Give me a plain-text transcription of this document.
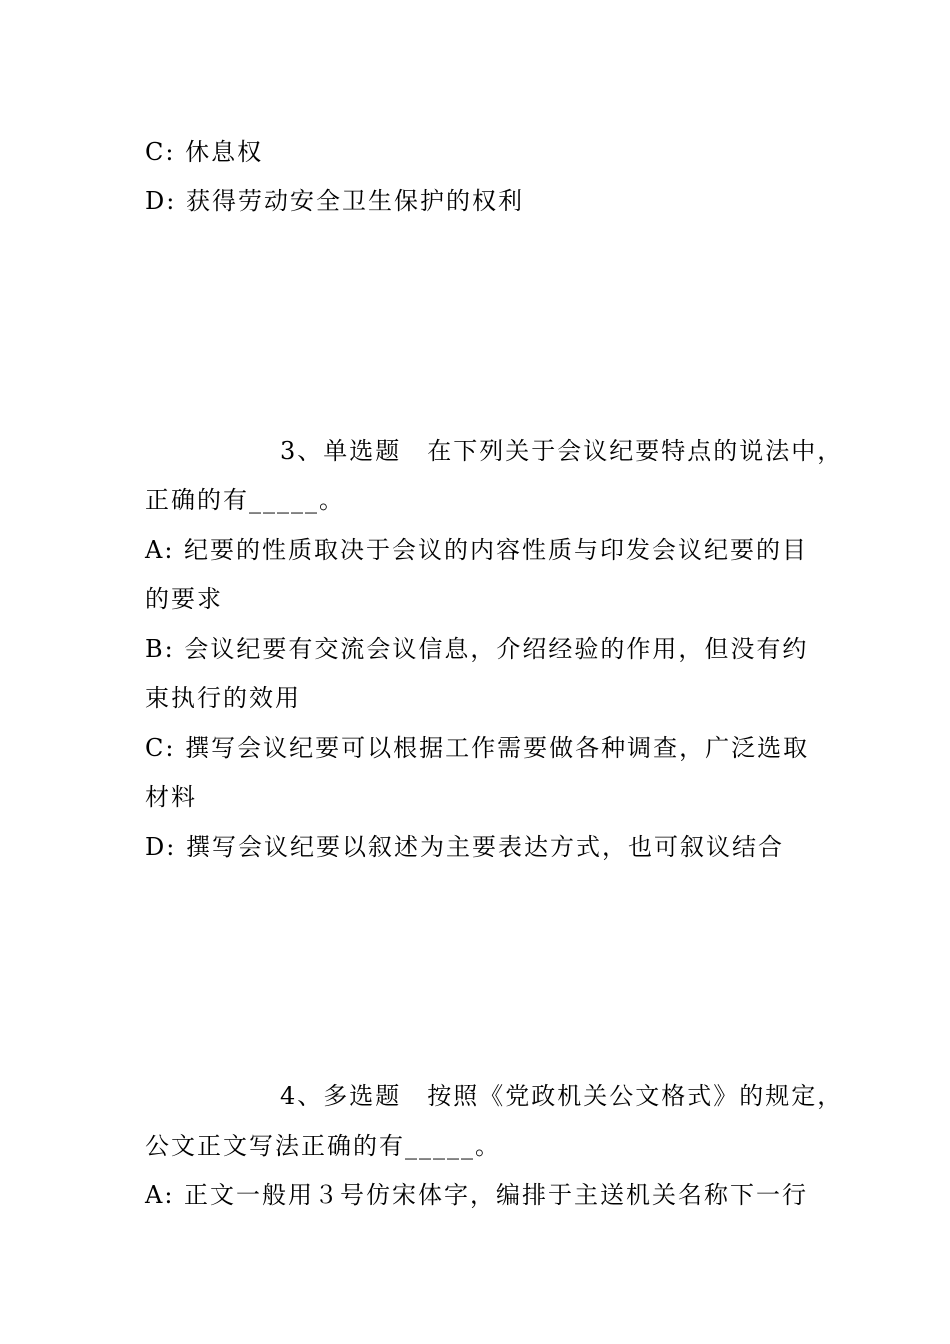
C: 休息权
D: 获得劳动安全卫生保护的权利
3、单选题　在下列关于会议纪要特点的说法中，
正确的有_____。
A: 纪要的性质取决于会议的内容性质与印发会议纪要的目
的要求
B: 会议纪要有交流会议信息，介绍经验的作用，但没有约
束执行的效用
C: 撰写会议纪要可以根据工作需要做各种调查，广泛选取
材料
D: 撰写会议纪要以叙述为主要表达方式，也可叙议结合
4、多选题　按照《党政机关公文格式》的规定，
公文正文写法正确的有_____。
A: 正文一般用３号仿宋体字，编排于主送机关名称下一行
